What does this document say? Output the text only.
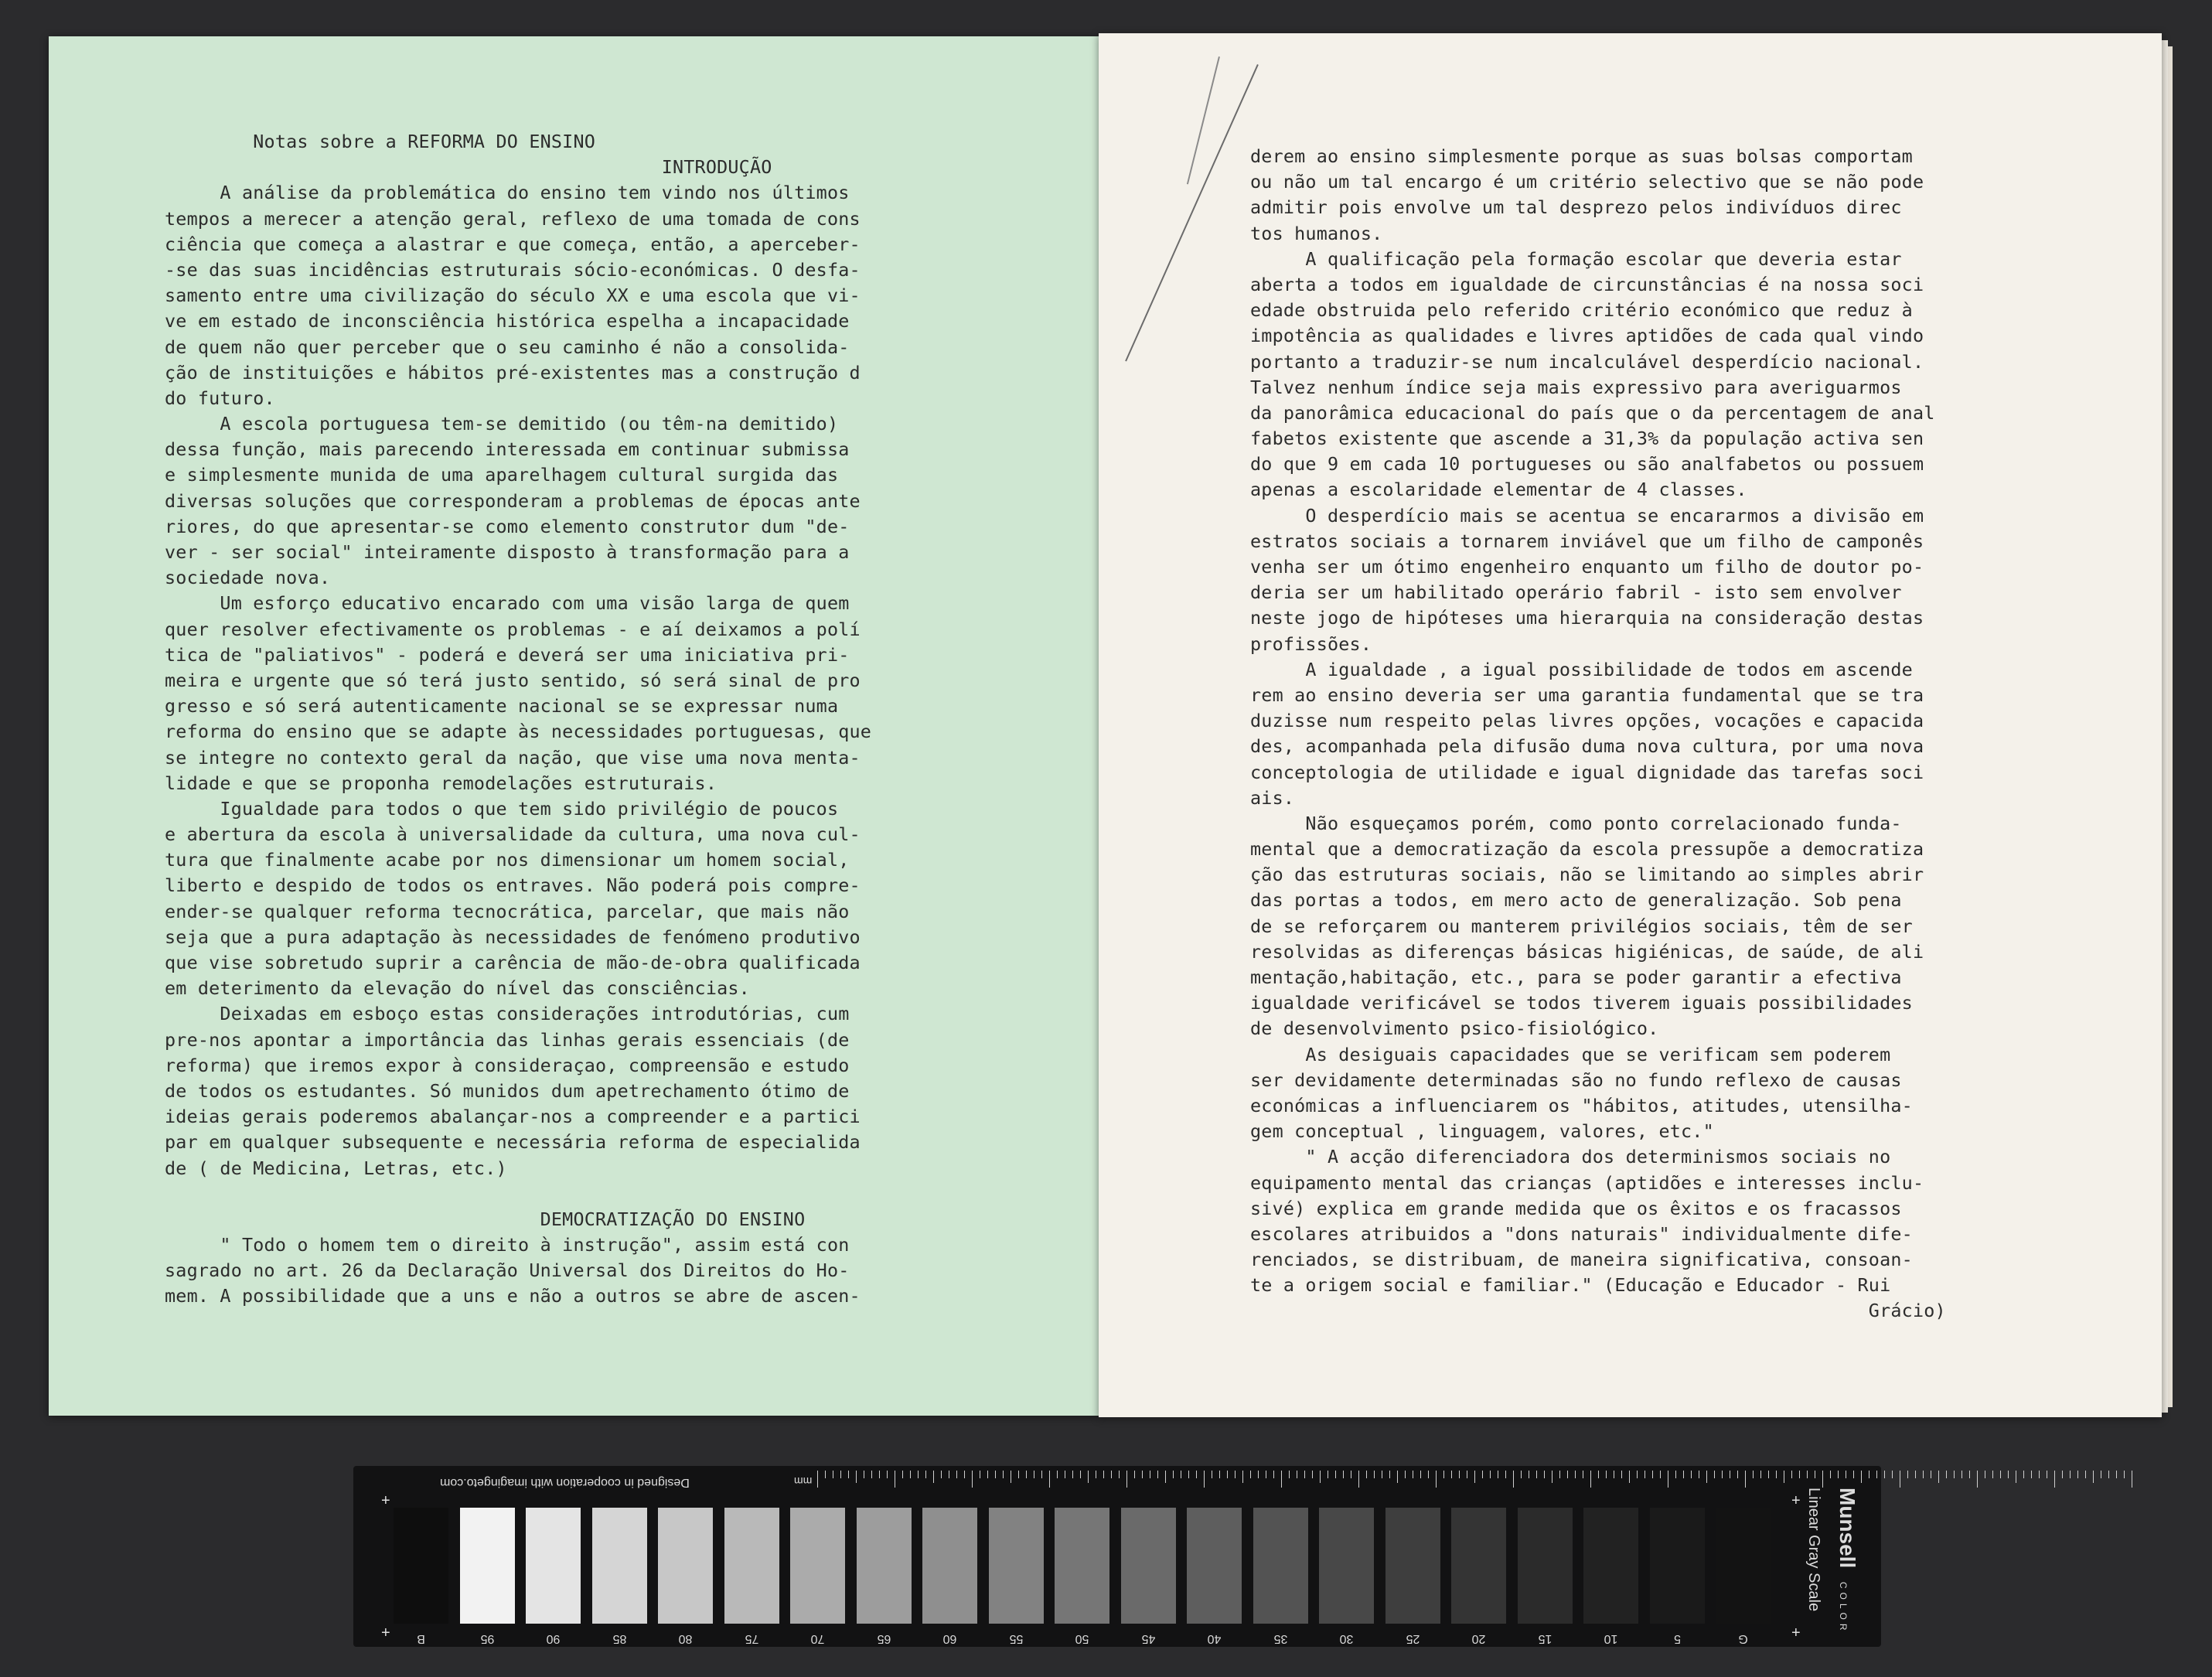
Notas sobre a REFORMA DO ENSINO
INTRODUÇÃO
A análise da problemática do ensino tem vindo nos últimos
tempos a merecer a atenção geral, reflexo de uma tomada de cons
ciência que começa a alastrar e que começa, então, a aperceber-
-se das suas incidências estruturais sócio-económicas. O desfa-
samento entre uma civilização do século XX e uma escola que vi-
ve em estado de inconsciência histórica espelha a incapacidade
de quem não quer perceber que o seu caminho é não a consolida-
ção de instituições e hábitos pré-existentes mas a construção d
do futuro.
A escola portuguesa tem-se demitido (ou têm-na demitido)
dessa função, mais parecendo interessada em continuar submissa
e simplesmente munida de uma aparelhagem cultural surgida das
diversas soluções que corresponderam a problemas de épocas ante
riores, do que apresentar-se como elemento construtor dum "de-
ver - ser social" inteiramente disposto à transformação para a
sociedade nova.
Um esforço educativo encarado com uma visão larga de quem
quer resolver efectivamente os problemas - e aí deixamos a polí
tica de "paliativos" - poderá e deverá ser uma iniciativa pri-
meira e urgente que só terá justo sentido, só será sinal de pro
gresso e só será autenticamente nacional se se expressar numa
reforma do ensino que se adapte às necessidades portuguesas, que
se integre no contexto geral da nação, que vise uma nova menta-
lidade e que se proponha remodelações estruturais.
Igualdade para todos o que tem sido privilégio de poucos
e abertura da escola à universalidade da cultura, uma nova cul-
tura que finalmente acabe por nos dimensionar um homem social,
liberto e despido de todos os entraves. Não poderá pois compre-
ender-se qualquer reforma tecnocrática, parcelar, que mais não
seja que a pura adaptação às necessidades de fenómeno produtivo
que vise sobretudo suprir a carência de mão-de-obra qualificada
em deterimento da elevação do nível das consciências.
Deixadas em esboço estas considerações introdutórias, cum
pre-nos apontar a importância das linhas gerais essenciais (de
reforma) que iremos expor à consideraçao, compreensão e estudo
de todos os estudantes. Só munidos dum apetrechamento ótimo de
ideias gerais poderemos abalançar-nos a compreender e a partici
par em qualquer subsequente e necessária reforma de especialida
de ( de Medicina, Letras, etc.)
DEMOCRATIZAÇÃO DO ENSINO
" Todo o homem tem o direito à instrução", assim está con
sagrado no art. 26 da Declaração Universal dos Direitos do Ho-
mem. A possibilidade que a uns e não a outros se abre de ascen-
derem ao ensino simplesmente porque as suas bolsas comportam
ou não um tal encargo é um critério selectivo que se não pode
admitir pois envolve um tal desprezo pelos indivíduos direc
tos humanos.
A qualificação pela formação escolar que deveria estar
aberta a todos em igualdade de circunstâncias é na nossa soci
edade obstruida pelo referido critério económico que reduz à
impotência as qualidades e livres aptidões de cada qual vindo
portanto a traduzir-se num incalculável desperdício nacional.
Talvez nenhum índice seja mais expressivo para averiguarmos
da panorâmica educacional do país que o da percentagem de anal
fabetos existente que ascende a 31,3% da população activa sen
do que 9 em cada 10 portugueses ou são analfabetos ou possuem
apenas a escolaridade elementar de 4 classes.
O desperdício mais se acentua se encararmos a divisão em
estratos sociais a tornarem inviável que um filho de camponês
venha ser um ótimo engenheiro enquanto um filho de doutor po-
deria ser um habilitado operário fabril - isto sem envolver
neste jogo de hipóteses uma hierarquia na consideração destas
profissões.
A igualdade , a igual possibilidade de todos em ascende
rem ao ensino deveria ser uma garantia fundamental que se tra
duzisse num respeito pelas livres opções, vocações e capacida
des, acompanhada pela difusão duma nova cultura, por uma nova
conceptologia de utilidade e igual dignidade das tarefas soci
ais.
Não esqueçamos porém, como ponto correlacionado funda-
mental que a democratização da escola pressupõe a democratiza
ção das estruturas sociais, não se limitando ao simples abrir
das portas a todos, em mero acto de generalização. Sob pena
de se reforçarem ou manterem privilégios sociais, têm de ser
resolvidas as diferenças básicas higiénicas, de saúde, de ali
mentação,habitação, etc., para se poder garantir a efectiva
igualdade verificável se todos tiverem iguais possibilidades
de desenvolvimento psico-fisiológico.
As desiguais capacidades que se verificam sem poderem
ser devidamente determinadas são no fundo reflexo de causas
económicas a influenciarem os "hábitos, atitudes, utensilha-
gem conceptual , linguagem, valores, etc."
" A acção diferenciadora dos determinismos sociais no
equipamento mental das crianças (aptidões e interesses inclu-
sivé) explica em grande medida que os êxitos e os fracassos
escolares atribuidos a "dons naturais" individualmente dife-
renciados, se distribuam, de maneira significativa, consoan-
te a origem social e familiar." (Educação e Educador - Rui
Grácio)
mm
Designed in cooperation with imagingeto.com
B	95	90	85	80	75	70	65	60	55	50	45	40	35	30	25	20	15	10	5	G
+
+
+
+
Munsell COLOR
Linear Gray Scale
